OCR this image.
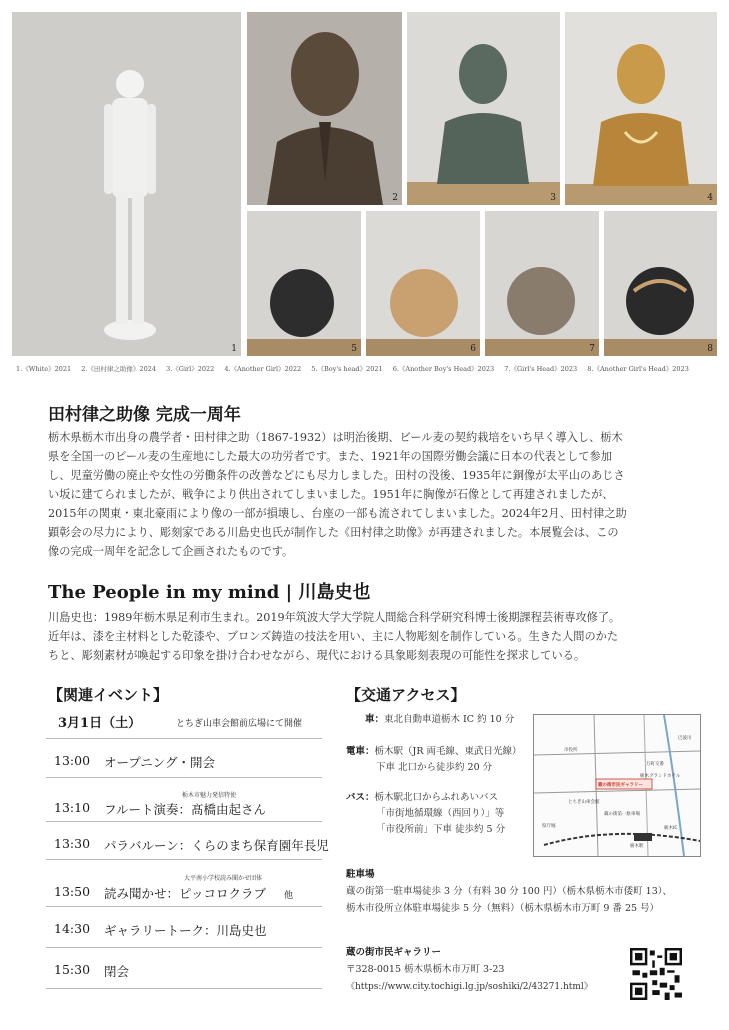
1
2	3	4
5	6	7	8
1.《White》2021 2.《田村律之助像》2024 3.《Girl》2022 4.《Another Girl》2022 5.《Boy's head》2021 6.《Another Boy's Head》2023 7.《Girl's Head》2023 8.《Another Girl's Head》2023
田村律之助像 完成一周年
栃木県栃木市出身の農学者・田村律之助（1867-1932）は明治後期、ビール麦の契約栽培をいち早く導入し、栃木
県を全国一のビール麦の生産地にした最大の功労者です。また、1921年の国際労働会議に日本の代表として参加
し、児童労働の廃止や女性の労働条件の改善などにも尽力しました。田村の没後、1935年に銅像が太平山のあじさ
い坂に建てられましたが、戦争により供出されてしまいました。1951年に胸像が石像として再建されましたが、
2015年の関東・東北豪雨により像の一部が損壊し、台座の一部も流されてしまいました。2024年2月、田村律之助
顕彰会の尽力により、彫刻家である川島史也氏が制作した《田村律之助像》が再建されました。本展覧会は、この
像の完成一周年を記念して企画されたものです。
The People in my mind | 川島史也
川島史也：1989年栃木県足利市生まれ。2019年筑波大学大学院人間総合科学研究科博士後期課程芸術専攻修了。
近年は、漆を主材料とした乾漆や、ブロンズ鋳造の技法を用い、主に人物彫刻を制作している。生きた人間のかた
ちと、彫刻素材が喚起する印象を掛け合わせながら、現代における具象彫刻表現の可能性を探求している。
【関連イベント】
3月1日（土）	とちぎ山車会館前広場にて開催
13:00 オープニング・開会
栃木市魅力発信特使
13:10 フルート演奏：髙橋由起さん
13:30 パラバルーン：くらのまち保育園年長児
大平南小学校読み聞かせ団体
13:50 読み聞かせ：ピッコロクラブ 他
14:30 ギャラリートーク：川島史也
15:30 閉会
【交通アクセス】
車：東北自動車道栃木 IC 約 10 分
電車：栃木駅（JR 両毛線、東武日光線）
下車 北口から徒歩約 20 分
バス：栃木駅北口からふれあいバス
「市街地循環線（西回り）」等
「市役所前」下車 徒歩約 5 分
巴波川
市役所
万町交番
栃木グランドホテル
蔵の街市民ギャラリー
とちぎ山車会館
蔵の街第一駐車場
県庁堀
栃木駅
栃木IC
駐車場
蔵の街第一駐車場徒歩 3 分（有料 30 分 100 円）（栃木県栃木市倭町 13）、
栃木市役所立体駐車場徒歩 5 分（無料）（栃木県栃木市万町 9 番 25 号）
蔵の街市民ギャラリー
〒328-0015 栃木県栃木市万町 3-23
《https://www.city.tochigi.lg.jp/soshiki/2/43271.html》
